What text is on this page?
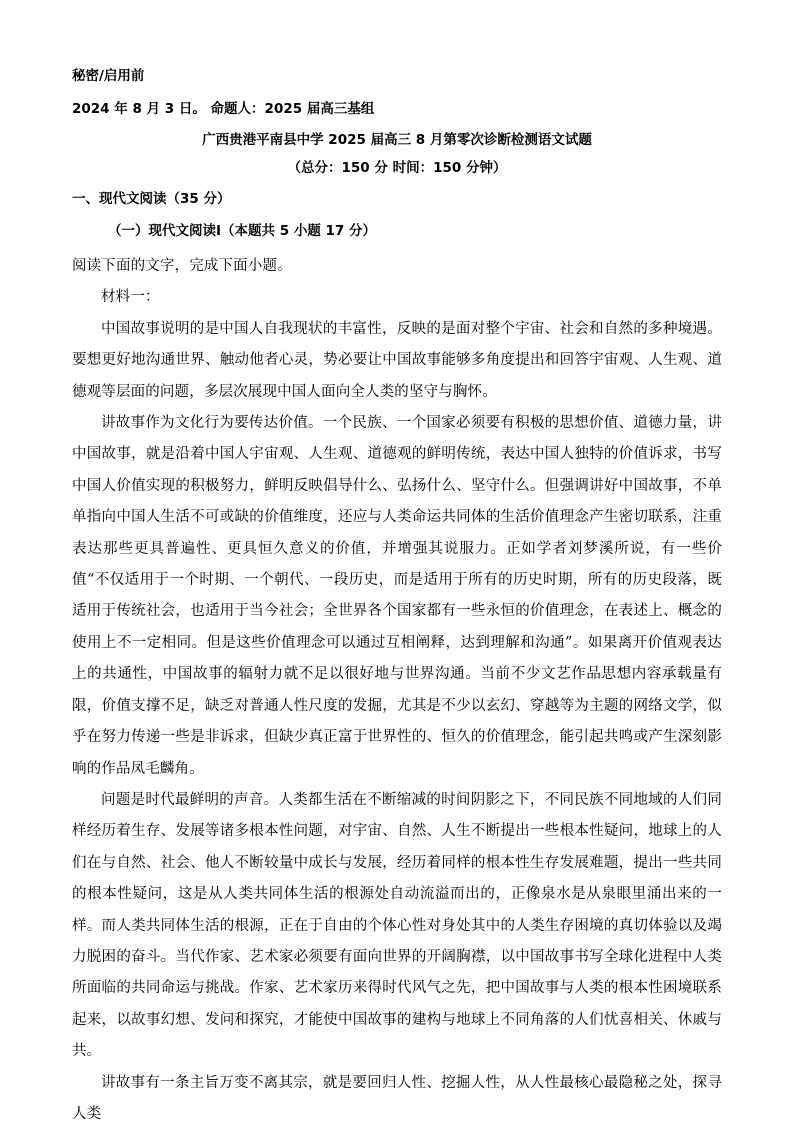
秘密/启用前

2024 年 8 月 3 日。 命题人：2025 届高三基组

广西贵港平南县中学 2025 届高三 8 月第零次诊断检测语文试题

（总分：150 分 时间：150 分钟）

一、现代文阅读（35 分）

（一）现代文阅读Ⅰ（本题共 5 小题 17 分）

阅读下面的文字，完成下面小题。

材料一：

中国故事说明的是中国人自我现状的丰富性，反映的是面对整个宇宙、社会和自然的多种境遇。要想更好地沟通世界、触动他者心灵，势必要让中国故事能够多角度提出和回答宇宙观、人生观、道德观等层面的问题，多层次展现中国人面向全人类的坚守与胸怀。

讲故事作为文化行为要传达价值。一个民族、一个国家必须要有积极的思想价值、道德力量，讲中国故事，就是沿着中国人宇宙观、人生观、道德观的鲜明传统，表达中国人独特的价值诉求，书写中国人价值实现的积极努力，鲜明反映倡导什么、弘扬什么、坚守什么。但强调讲好中国故事，不单单指向中国人生活不可或缺的价值维度，还应与人类命运共同体的生活价值理念产生密切联系，注重表达那些更具普遍性、更具恒久意义的价值，并增强其说服力。正如学者刘梦溪所说，有一些价值“不仅适用于一个时期、一个朝代、一段历史，而是适用于所有的历史时期，所有的历史段落，既适用于传统社会，也适用于当今社会；全世界各个国家都有一些永恒的价值理念，在表述上、概念的使用上不一定相同。但是这些价值理念可以通过互相阐释，达到理解和沟通”。如果离开价值观表达上的共通性，中国故事的辐射力就不足以很好地与世界沟通。当前不少文艺作品思想内容承载量有限，价值支撑不足，缺乏对普通人性尺度的发掘，尤其是不少以玄幻、穿越等为主题的网络文学，似乎在努力传递一些是非诉求，但缺少真正富于世界性的、恒久的价值理念，能引起共鸣或产生深刻影响的作品凤毛麟角。

问题是时代最鲜明的声音。人类都生活在不断缩减的时间阴影之下，不同民族不同地域的人们同样经历着生存、发展等诸多根本性问题，对宇宙、自然、人生不断提出一些根本性疑问，地球上的人们在与自然、社会、他人不断较量中成长与发展，经历着同样的根本性生存发展难题，提出一些共同的根本性疑问，这是从人类共同体生活的根源处自动流溢而出的，正像泉水是从泉眼里涌出来的一样。而人类共同体生活的根源，正在于自由的个体心性对身处其中的人类生存困境的真切体验以及竭力脱困的奋斗。当代作家、艺术家必须要有面向世界的开阔胸襟，以中国故事书写全球化进程中人类所面临的共同命运与挑战。作家、艺术家历来得时代风气之先，把中国故事与人类的根本性困境联系起来，以故事幻想、发问和探究，才能使中国故事的建构与地球上不同角落的人们忧喜相关、休戚与共。

讲故事有一条主旨万变不离其宗，就是要回归人性、挖掘人性，从人性最核心最隐秘之处，探寻人类
